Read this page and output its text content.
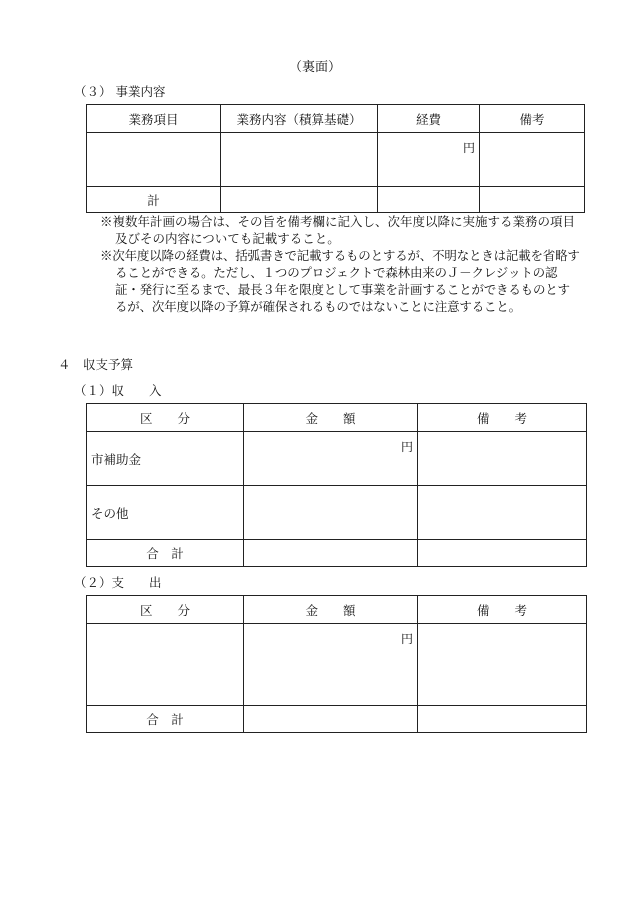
（裏面）
（３） 事業内容
業務項目	業務内容（積算基礎）	経費	備考
		円	
計			

※複数年計画の場合は、その旨を備考欄に記入し、次年度以降に実施する業務の項目及びその内容についても記載すること。

※次年度以降の経費は、括弧書きで記載するものとするが、不明なときは記載を省略することができる。ただし、１つのプロジェクトで森林由来のＪ－クレジットの認証・発行に至るまで、最長３年を限度として事業を計画することができるものとするが、次年度以降の予算が確保されるものではないことに注意すること。

４　収支予算
（１）収　　入
区　　分	金　　額	備　　考
市補助金	円	
その他		
合　計		
（２）支　　出
区　　分	金　　額	備　　考
	円	
合　計		
